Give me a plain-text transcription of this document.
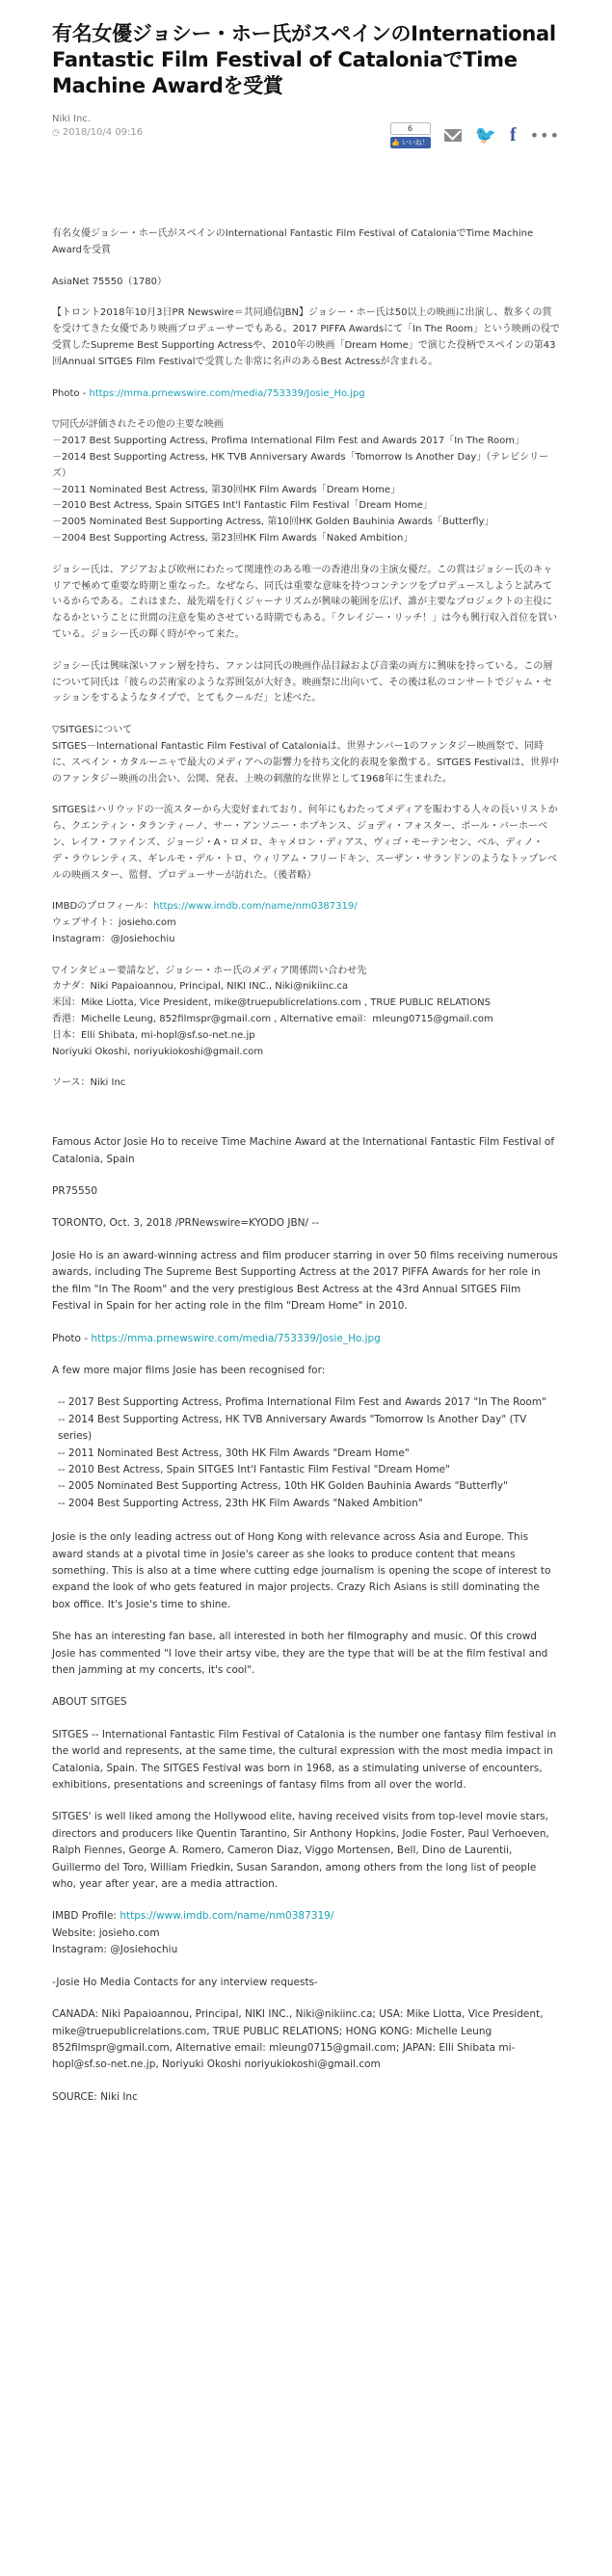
有名女優ジョシー・ホー氏がスペインのInternational Fantastic Film Festival of CataloniaでTime Machine Awardを受賞
Niki Inc.
◷ 2018/10/4 09:16	6
👍 いいね！	🐦 f •••

有名女優ジョシー・ホー氏がスペインのInternational Fantastic Film Festival of CataloniaでTime Machine Awardを受賞

AsiaNet 75550（1780）

【トロント2018年10月3日PR Newswire＝共同通信JBN】ジョシー・ホー氏は50以上の映画に出演し、数多くの賞を受けてきた女優であり映画プロデューサーでもある。2017 PIFFA Awardsにて「In The Room」という映画の役で受賞したSupreme Best Supporting Actressや、2010年の映画「Dream Home」で演じた役柄でスペインの第43回Annual SITGES Film Festivalで受賞した非常に名声のあるBest Actressが含まれる。

Photo - https://mma.prnewswire.com/media/753339/Josie_Ho.jpg

▽同氏が評価されたその他の主要な映画
－2017 Best Supporting Actress, Profima International Film Fest and Awards 2017「In The Room」
－2014 Best Supporting Actress, HK TVB Anniversary Awards「Tomorrow Is Another Day」（テレビシリーズ）
－2011 Nominated Best Actress, 第30回HK Film Awards「Dream Home」
－2010 Best Actress, Spain SITGES Int'l Fantastic Film Festival「Dream Home」
－2005 Nominated Best Supporting Actress, 第10回HK Golden Bauhinia Awards「Butterfly」
－2004 Best Supporting Actress, 第23回HK Film Awards「Naked Ambition」

ジョシー氏は、アジアおよび欧州にわたって関連性のある唯一の香港出身の主演女優だ。この賞はジョシー氏のキャリアで極めて重要な時期と重なった。なぜなら、同氏は重要な意味を持つコンテンツをプロデュースしようと試みているからである。これはまた、最先端を行くジャーナリズムが興味の範囲を広げ、誰が主要なプロジェクトの主役になるかということに世間の注意を集めさせている時期でもある。「クレイジー・リッチ！」は今も興行収入首位を買いている。ジョシー氏の輝く時がやって来た。

ジョシー氏は興味深いファン層を持ち、ファンは同氏の映画作品目録および音楽の両方に興味を持っている。この層について同氏は「彼らの芸術家のような雰囲気が大好き。映画祭に出向いて、その後は私のコンサートでジャム・セッションをするようなタイプで、とてもクールだ」と述べた。

▽SITGESについて
SITGES－International Fantastic Film Festival of Cataloniaは、世界ナンバー1のファンタジー映画祭で、同時に、スペイン・カタルーニャで最大のメディアへの影響力を持ち文化的表現を象徴する。SITGES Festivalは、世界中のファンタジー映画の出会い、公開、発表、上映の刺激的な世界として1968年に生まれた。

SITGESはハリウッドの一流スターから大変好まれており、何年にもわたってメディアを賑わする人々の長いリストから、クエンティン・タランティーノ、サー・アンソニー・ホプキンス、ジョディ・フォスター、ポール・バーホーベン、レイフ・ファインズ、ジョージ・A・ロメロ、キャメロン・ディアス、ヴィゴ・モーテンセン、ベル、ディノ・デ・ラウレンティス、ギレルモ・デル・トロ、ウィリアム・フリードキン、スーザン・サランドンのようなトップレベルの映画スター、監督、プロデューサーが訪れた。（後者略）

IMBDのプロフィール：https://www.imdb.com/name/nm0387319/
ウェブサイト：josieho.com
Instagram：@Josiehochiu

▽インタビュー要請など、ジョシー・ホー氏のメディア関係問い合わせ先
カナダ：Niki Papaioannou, Principal, NIKI INC., Niki@nikiinc.ca
米国：Mike Liotta, Vice President, mike@truepublicrelations.com , TRUE PUBLIC RELATIONS
香港：Michelle Leung, 852filmspr@gmail.com , Alternative email：mleung0715@gmail.com
日本：Elli Shibata, mi-hopl@sf.so-net.ne.jp
Noriyuki Okoshi, noriyukiokoshi@gmail.com

ソース：Niki Inc

Famous Actor Josie Ho to receive Time Machine Award at the International Fantastic Film Festival of Catalonia, Spain

PR75550

TORONTO, Oct. 3, 2018 /PRNewswire=KYODO JBN/ --

Josie Ho is an award-winning actress and film producer starring in over 50 films receiving numerous awards, including The Supreme Best Supporting Actress at the 2017 PIFFA Awards for her role in the film "In The Room" and the very prestigious Best Actress at the 43rd Annual SITGES Film Festival in Spain for her acting role in the film "Dream Home" in 2010.

Photo - https://mma.prnewswire.com/media/753339/Josie_Ho.jpg

A few more major films Josie has been recognised for:

-- 2017 Best Supporting Actress, Profima International Film Fest and Awards 2017 "In The Room"
-- 2014 Best Supporting Actress, HK TVB Anniversary Awards "Tomorrow Is Another Day" (TV series)
-- 2011 Nominated Best Actress, 30th HK Film Awards "Dream Home"
-- 2010 Best Actress, Spain SITGES Int'l Fantastic Film Festival "Dream Home"
-- 2005 Nominated Best Supporting Actress, 10th HK Golden Bauhinia Awards "Butterfly"
-- 2004 Best Supporting Actress, 23th HK Film Awards "Naked Ambition"

Josie is the only leading actress out of Hong Kong with relevance across Asia and Europe. This award stands at a pivotal time in Josie's career as she looks to produce content that means something. This is also at a time where cutting edge journalism is opening the scope of interest to expand the look of who gets featured in major projects. Crazy Rich Asians is still dominating the box office. It's Josie's time to shine.

She has an interesting fan base, all interested in both her filmography and music. Of this crowd Josie has commented "I love their artsy vibe, they are the type that will be at the film festival and then jamming at my concerts, it's cool".

ABOUT SITGES

SITGES -- International Fantastic Film Festival of Catalonia is the number one fantasy film festival in the world and represents, at the same time, the cultural expression with the most media impact in Catalonia, Spain. The SITGES Festival was born in 1968, as a stimulating universe of encounters, exhibitions, presentations and screenings of fantasy films from all over the world.

SITGES' is well liked among the Hollywood elite, having received visits from top-level movie stars, directors and producers like Quentin Tarantino, Sir Anthony Hopkins, Jodie Foster, Paul Verhoeven, Ralph Fiennes, George A. Romero, Cameron Diaz, Viggo Mortensen, Bell, Dino de Laurentii, Guillermo del Toro, William Friedkin, Susan Sarandon, among others from the long list of people who, year after year, are a media attraction.

IMBD Profile: https://www.imdb.com/name/nm0387319/
Website: josieho.com
Instagram: @Josiehochiu

-Josie Ho Media Contacts for any interview requests-

CANADA: Niki Papaioannou, Principal, NIKI INC., Niki@nikiinc.ca; USA: Mike Liotta, Vice President, mike@truepublicrelations.com, TRUE PUBLIC RELATIONS; HONG KONG: Michelle Leung 852filmspr@gmail.com, Alternative email: mleung0715@gmail.com; JAPAN: Elli Shibata mi-hopl@sf.so-net.ne.jp, Noriyuki Okoshi noriyukiokoshi@gmail.com

SOURCE: Niki Inc
